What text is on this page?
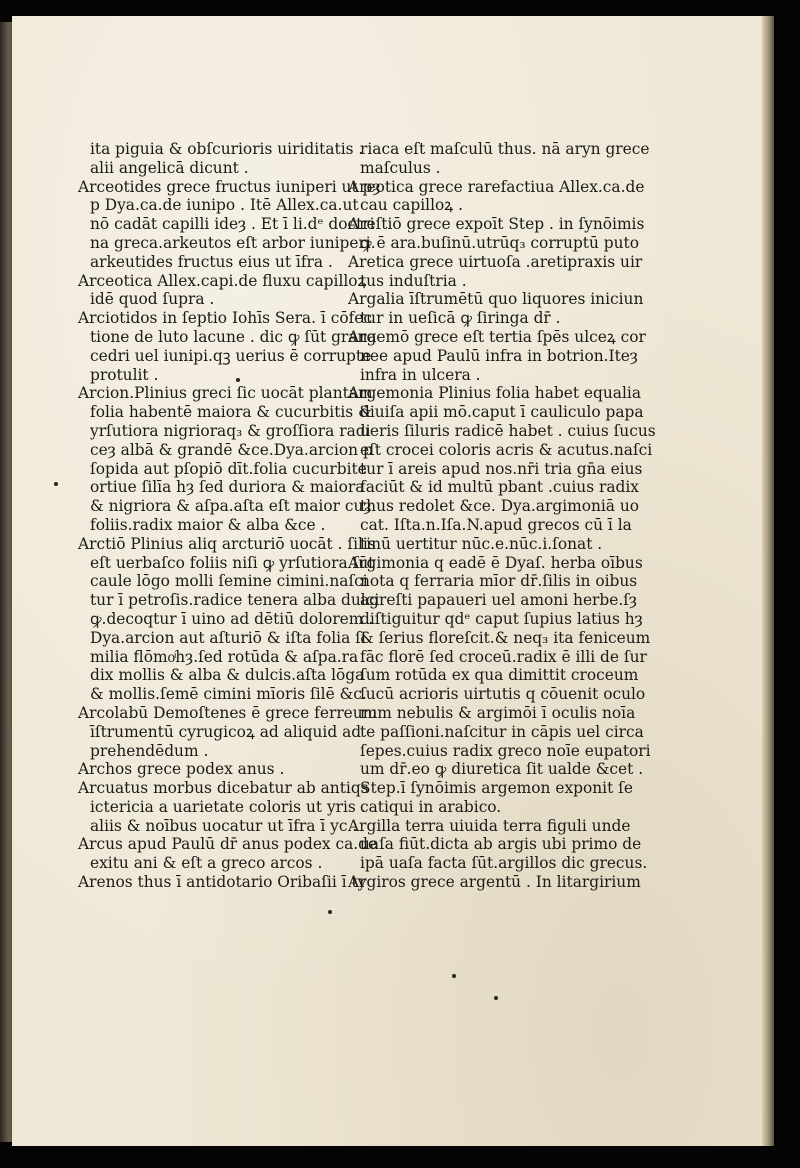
ita piguia & obſcurioris uiriditatis .
alii angelicā dicunt .
Arceotides grece fructus iuniperi ut pȝ
p Dya.ca.de iunipo . Itē Allex.ca.ut
nō cadāt capilli ideȝ . Et ī li.dᵉ doctri
na greca.arkeutos eſt arbor iuniperi.
arkeutides fructus eius ut īfra .
Arceotica Allex.capi.de fluxu capilloꝝ
idē quod ſupra .
Arciotidos in ſeptio Iohīs Sera. ī cōfec
tione de luto lacune . dic ꝙ ſūt grana
cedri uel iunipi.qꝫ uerius ē corrupte
protulit .
Arcion.Plinius greci ſic uocāt plantam
folia habentē maiora & cucurbitis &
yrſutiora nigrioraq₃ & groſſiora radi
ceȝ albā & grandē &ce.Dya.arcion p
ſopida aut pſopiō dīt.folia cucurbite
ortiue ſilīa hȝ ſed duriora & maiora
& nigriora & aſpa.aſta eſt maior cuȝ
foliis.radix maior & alba &ce .
Arctiō Plinius aliq arcturiō uocāt . ſilis
eſt uerbaſco foliis niſi ꝙ yrſutiora ſūt
caule lōgo molli ſemine cimini.naſci
tur ī petroſis.radice tenera alba dulci
ꝙ.decoqtur ī uino ad dētiū dolorem .
Dya.arcion aut aſturiō & iſta folia ſi
milia flōmoͥhȝ.ſed rotūda & aſpa.ra
dix mollis & alba & dulcis.aſta lōga
& mollis.ſemē cimini mīoris ſilē &c.
Arcolabū Demoſtenes ē grece ferreum
īſtrumentū cyrugicoꝝ ad aliquid ad
prehendēdum .
Archos grece podex anus .
Arcuatus morbus dicebatur ab antiqs
ictericia a uarietate coloris ut yris .
aliis & noībus uocatur ut īfra ī yc .
Arcus apud Paulū dr̄ anus podex ca.de
exitu ani & eſt a greco arcos .
Arenos thus ī antidotario Oribaſii ī ty
riaca eſt maſculū thus. nā aryn grece
maſculus .
Areotica grece rarefactiua Allex.ca.de
cau capilloꝝ .
Areſtiō grece expoīt Step . in ſynōimis
ꝙ ē ara.buſinū.utrūq₃ corruptū puto
Aretica grece uirtuoſa .aretipraxis uir
tus induſtria .
Argalia īſtrumētū quo liquores iniciun
tur in ueſicā ꝙ ſiringa dr̄ .
Argemō grece eſt tertia ſpēs ulceꝝ cor
nee apud Paulū infra in botrion.Iteȝ
infra in ulcera .
Argemonia Plinius folia habet equalia
diuiſa apii mō.caput ī cauliculo papa
ueris ſiluris radicē habet . cuius ſucus
eſt crocei coloris acris & acutus.naſci
tur ī areis apud nos.nr̄i tria gn̄a eius
faciūt & id multū pbant .cuius radix
thus redolet &ce. Dya.argimoniā uo
cat. Iſta.n.Iſa.N.apud grecos cū ī la
tinū uertitur nūc.e.nūc.i.ſonat .
Argimonia q eadē ē Dyaſ. herba oībus
nota q ferraria mīor dr̄.ſilis in oibus
agreſti papaueri uel amoni herbe.ſȝ
diſtiguitur qdᵉ caput ſupius latius hȝ
& ſerius floreſcit.& neq₃ ita feniceum
fāc florē ſed croceū.radix ē illi de ſur
ſum rotūda ex qua dimittit croceum
ſucū acrioris uirtutis q cōuenit oculo
rum nebulis & argimōi ī oculis noīa
te paſſioni.naſcitur in cāpis uel circa
ſepes.cuius radix greco noīe eupatori
um dr̄.eo ꝙ diuretica ſit ualde &cet .
Step.ī ſynōimis argemon exponit ſe
catiqui in arabico.
Argilla terra uiuida terra figuli unde
uaſa fiūt.dicta ab argis ubi primo de
ipā uaſa facta ſūt.argillos dic grecus.
Argiros grece argentū . In litargirium
